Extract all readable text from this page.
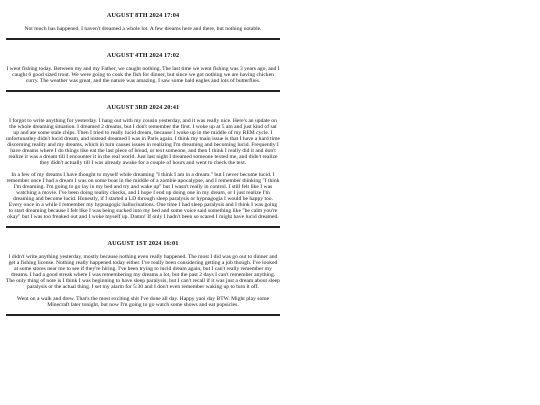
AUGUST 8TH 2024 17:04

Not much has happened. I haven't dreamed a whole lot. A few dreams here and there, but nothing notable.

AUGUST 4TH 2024 17:02

I went fishing today. Between my and my Father, we caught nothing. The last time we went fishing was 3 years ago, and I caught 6 good sized trout. We were going to cook the fish for dinner, but since we got nothing we are having chicken curry. The weather was great, and the nature was amazing. I saw some bald eagles and lots of butterflies.

AUGUST 3RD 2024 20:41

I forgot to write anything for yesterday. I hang out with my cousin yesterday, and it was really nice. Here's an update on the whole dreaming situation. I dreamed 2 dreams, but I don't remember the first. I woke up at 5 am and just kind of sat up and ate some stale chips. Then I tried to really lucid dream, because I woke up in the middle of my REM cycle. I unfortunatley didn't lucid dream, and instead dreamed I was in Paris again. I think my main issue is that I have a hard time discerning reality and my dreams, which in turn causes issues in realizing I'm dreaming and becoming lucid. Frequently I have dreams where I do things like eat the last piece of bread, or text someone, and then I think I really did it and don't realize it was a dream till I encounter it in the real world. Just last night I dreamed someone texted me, and didn't realize they didn't actually till I was already awake for a couple of hours and went to check the text.

In a few of my dreams I have thought to myself while dreaming "I think I am in a dream." but I never become lucid. I remember once I had a dream I was on some boat in the middle of a zombie apocalypse, and I remember thinking "I think I'm dreaming. I'm going to go lay in my bed and try and wake up" but I wasn't really in control. I still felt like I was watching a movie. I've been doing reality checks, and I hope I end up doing one in my dream, or I just realize I'm dreaming and become lucid. Honestly, if I started a LD through sleep paralysis or hypnagogia I would be happy too. Every once in a while I remember my hypnagogic hallucinations. One time I had sleep paralysis and I think I was going to start dreaming because I felt like I was being sucked into my bed and some voice said something like "be calm you're okay" but I was too freaked out and I woke myself up. Damn! If only I hadn't been so scared I might have lucid dreamed.

AUGUST 1ST 2024 16:01

I didn't write anything yesterday, mostly because nothing even really happened. The most I did was go out to dinner and get a fishing license. Nothing really happened today either. I've really been considering getting a job though. I've looked at some stores near me to see if they're hiring. I've been trying to lucid dream again, but I can't really remember my dreams. I had a good streak where I was remembering my dreams a lot, but the past 2 days I can't remember anything. The only thing of note is I think I was beginning to have sleep paralysis, but I can't recall if it was just a dream about sleep paralysis or the actual thing. I set my alarm for 5:30 and I don't even remember waking up to turn it off.

Went on a walk and drew. That's the most exciting shit I've done all day. Happy yaoi day BTW. Might play some Minecraft later tonight, but now I'm going to go watch some shows and eat popsicles.
